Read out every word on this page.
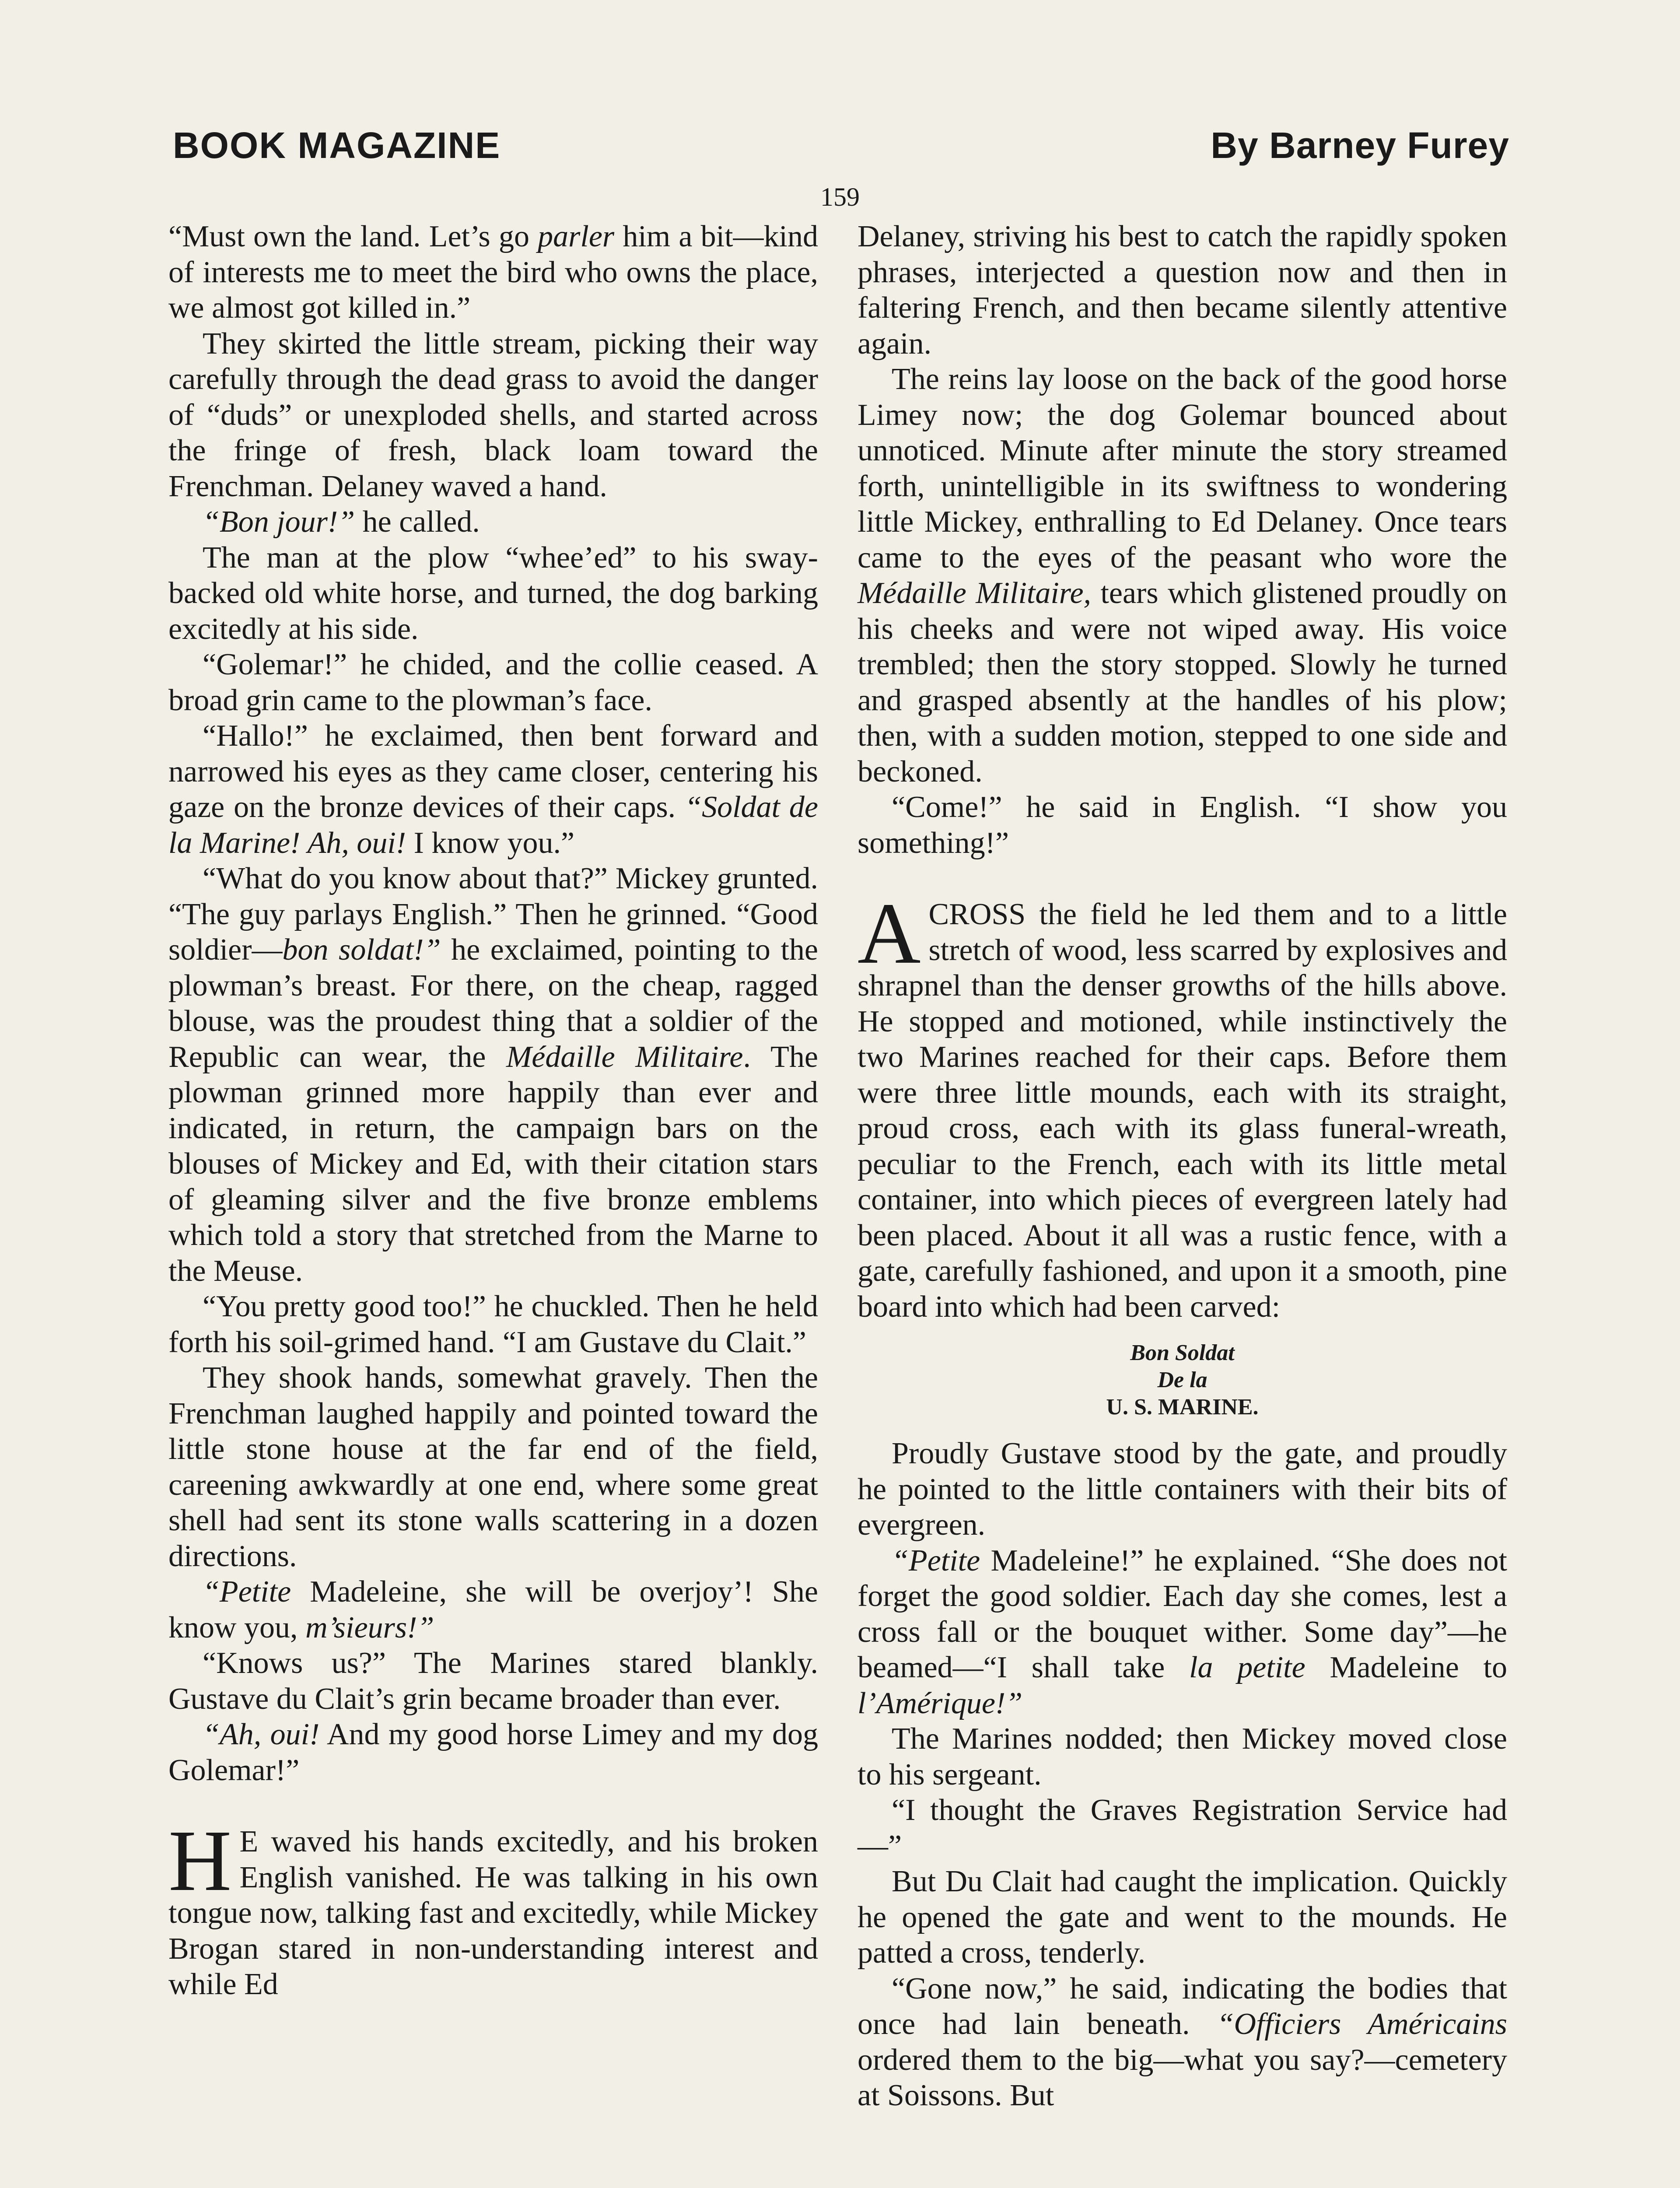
BOOK MAGAZINE	By Barney Furey
159

“Must own the land. Let’s go parler him a bit—kind of interests me to meet the bird who owns the place, we almost got killed in.”

They skirted the little stream, picking their way carefully through the dead grass to avoid the danger of “duds” or unexploded shells, and started across the fringe of fresh, black loam toward the Frenchman. Delaney waved a hand.

“Bon jour!” he called.

The man at the plow “whee’ed” to his sway-backed old white horse, and turned, the dog barking excitedly at his side.

“Golemar!” he chided, and the collie ceased. A broad grin came to the plowman’s face.

“Hallo!” he exclaimed, then bent forward and narrowed his eyes as they came closer, centering his gaze on the bronze devices of their caps. “Soldat de la Marine! Ah, oui! I know you.”

“What do you know about that?” Mickey grunted. “The guy parlays English.” Then he grinned. “Good soldier—bon soldat!” he exclaimed, pointing to the plowman’s breast. For there, on the cheap, ragged blouse, was the proudest thing that a soldier of the Republic can wear, the Médaille Militaire. The plowman grinned more happily than ever and indicated, in return, the campaign bars on the blouses of Mickey and Ed, with their citation stars of gleaming silver and the five bronze emblems which told a story that stretched from the Marne to the Meuse.

“You pretty good too!” he chuckled. Then he held forth his soil-grimed hand. “I am Gustave du Clait.”

They shook hands, somewhat gravely. Then the Frenchman laughed happily and pointed toward the little stone house at the far end of the field, careening awkwardly at one end, where some great shell had sent its stone walls scattering in a dozen directions.

“Petite Madeleine, she will be overjoy’! She know you, m’sieurs!”

“Knows us?” The Marines stared blankly. Gustave du Clait’s grin became broader than ever.

“Ah, oui! And my good horse Limey and my dog Golemar!”

H E waved his hands excitedly, and his broken English vanished. He was talking in his own tongue now, talking fast and excitedly, while Mickey Brogan stared in non-understanding interest and while Ed

Delaney, striving his best to catch the rapidly spoken phrases, interjected a question now and then in faltering French, and then became silently attentive again.

The reins lay loose on the back of the good horse Limey now; the dog Golemar bounced about unnoticed. Minute after minute the story streamed forth, unintelligible in its swiftness to wondering little Mickey, enthralling to Ed Delaney. Once tears came to the eyes of the peasant who wore the Médaille Militaire, tears which glistened proudly on his cheeks and were not wiped away. His voice trembled; then the story stopped. Slowly he turned and grasped absently at the handles of his plow; then, with a sudden motion, stepped to one side and beckoned.

“Come!” he said in English. “I show you something!”

ACROSS the field he led them and to a little stretch of wood, less scarred by explosives and shrapnel than the denser growths of the hills above. He stopped and motioned, while instinctively the two Marines reached for their caps. Before them were three little mounds, each with its straight, proud cross, each with its glass funeral-wreath, peculiar to the French, each with its little metal container, into which pieces of evergreen lately had been placed. About it all was a rustic fence, with a gate, carefully fashioned, and upon it a smooth, pine board into which had been carved:

Bon Soldat
De la
U. S. MARINE.

Proudly Gustave stood by the gate, and proudly he pointed to the little containers with their bits of evergreen.

“Petite Madeleine!” he explained. “She does not forget the good soldier. Each day she comes, lest a cross fall or the bouquet wither. Some day”—he beamed—“I shall take la petite Madeleine to l’Amérique!”

The Marines nodded; then Mickey moved close to his sergeant.

“I thought the Graves Registration Service had—”

But Du Clait had caught the implication. Quickly he opened the gate and went to the mounds. He patted a cross, tenderly.

“Gone now,” he said, indicating the bodies that once had lain beneath. “Officiers Américains ordered them to the big—what you say?—cemetery at Soissons. But
